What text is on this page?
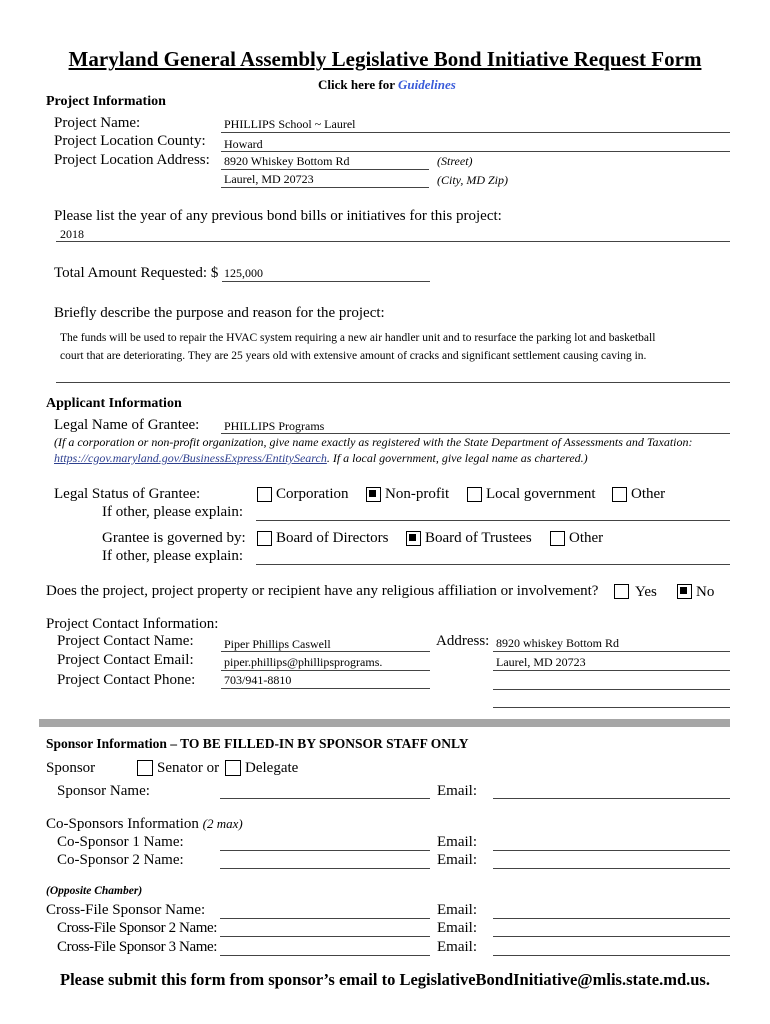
Maryland General Assembly Legislative Bond Initiative Request Form
Click here for Guidelines
Project Information
Project Name:	PHILLIPS School ~ Laurel
Project Location County: Howard
Project Location Address: 8920 Whiskey Bottom Rd	(Street)
Laurel, MD 20723	(City, MD Zip)
Please list the year of any previous bond bills or initiatives for this project:
2018
Total Amount Requested: $ 125,000
Briefly describe the purpose and reason for the project:
The funds will be used to repair the HVAC system requiring a new air handler unit and to resurface the parking lot and basketball
court that are deteriorating. They are 25 years old with extensive amount of cracks and significant settlement causing caving in.
Applicant Information
Legal Name of Grantee: PHILLIPS Programs
(If a corporation or non-profit organization, give name exactly as registered with the State Department of Assessments and Taxation:
https://cgov.maryland.gov/BusinessExpress/EntitySearch. If a local government, give legal name as chartered.)
Legal Status of Grantee:	Corporation Non-profit Local government Other
If other, please explain:
Grantee is governed by: Board of Directors Board of Trustees Other
If other, please explain:
Does the project, project property or recipient have any religious affiliation or involvement? Yes	No
Project Contact Information:
Project Contact Name:	Piper Phillips Caswell
Project Contact Email:	piper.phillips@phillipsprograms.
Project Contact Phone: 703/941-8810
Address: 8920 whiskey Bottom Rd
Laurel, MD 20723
Sponsor Information – TO BE FILLED-IN BY SPONSOR STAFF ONLY
Sponsor	Senator or Delegate
Sponsor Name:	Email:
Co-Sponsors Information (2 max)
Co-Sponsor 1 Name:	Email:
Co-Sponsor 2 Name:	Email:
(Opposite Chamber)
Cross-File Sponsor Name:	Email:
Cross-File Sponsor 2 Name:	Email:
Cross-File Sponsor 3 Name:	Email:
Please submit this form from sponsor’s email to LegislativeBondInitiative@mlis.state.md.us.
